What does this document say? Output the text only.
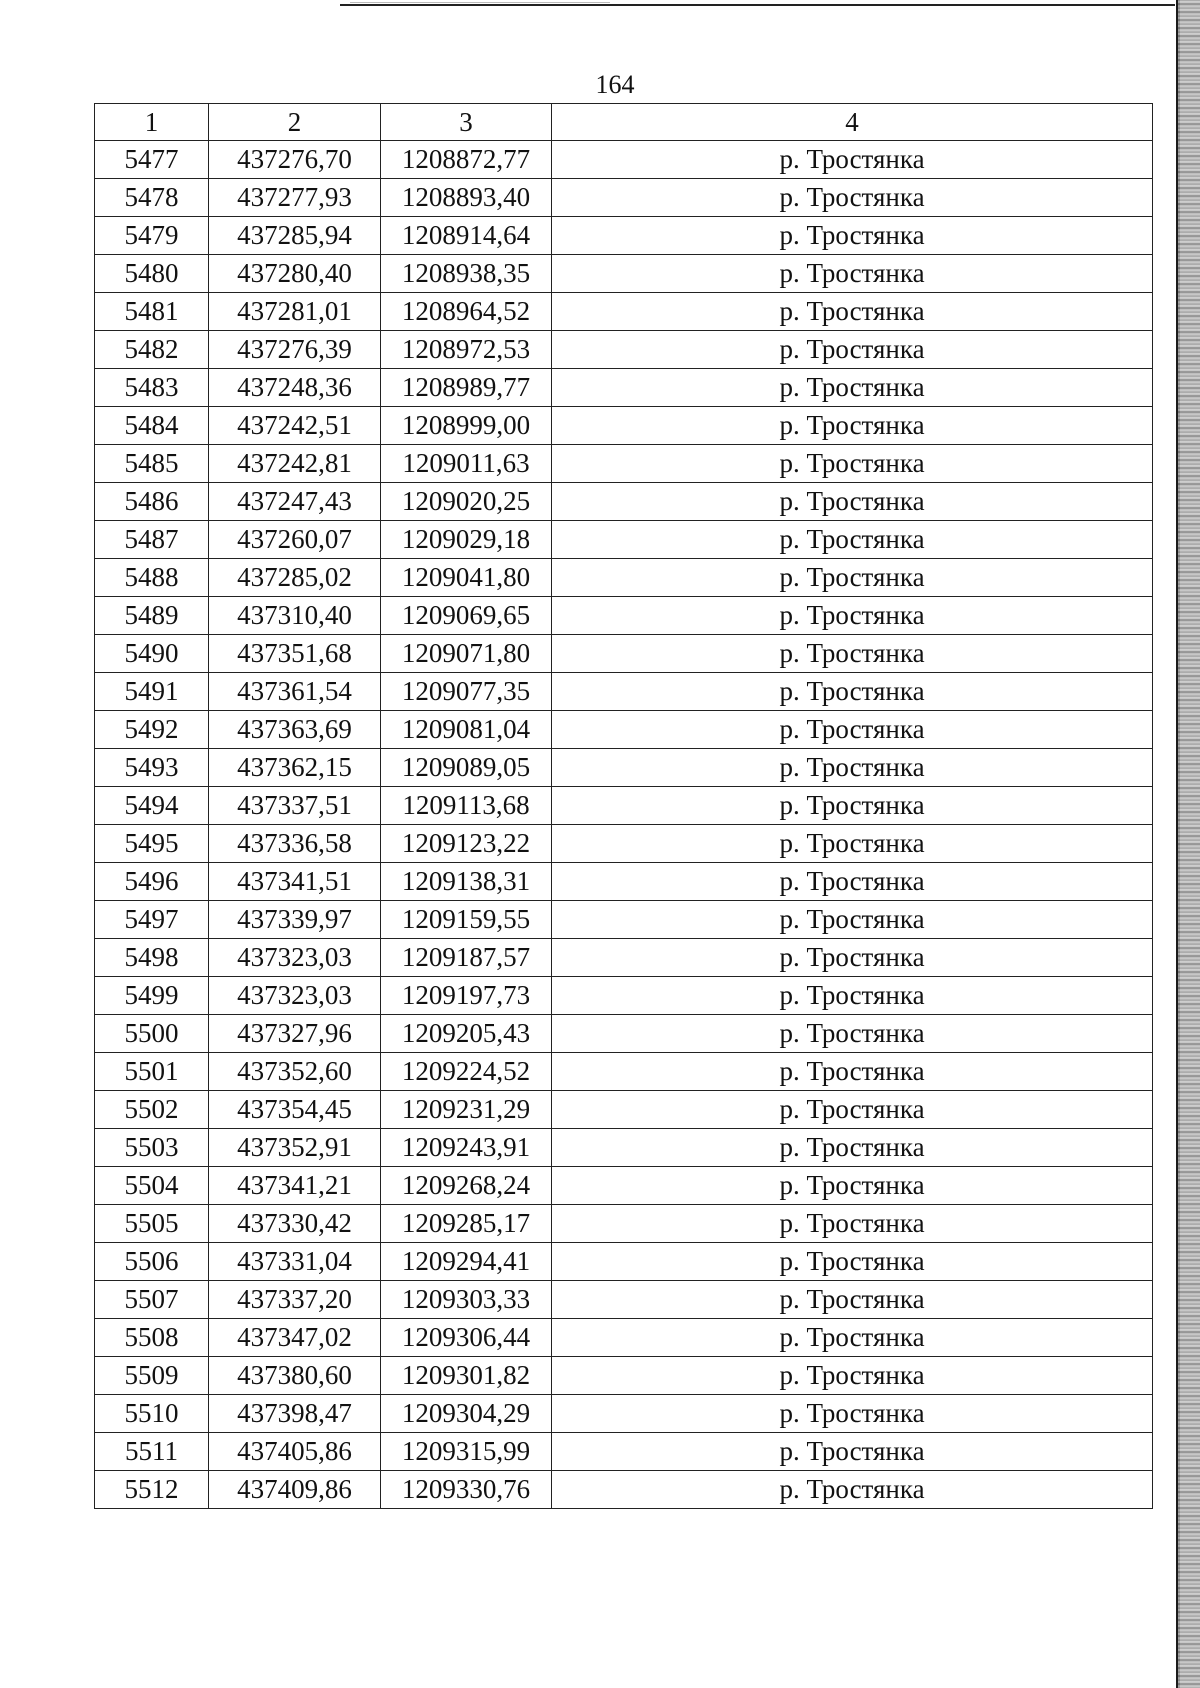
164
1	2	3	4
5477	437276,70	1208872,77	р. Тростянка
5478	437277,93	1208893,40	р. Тростянка
5479	437285,94	1208914,64	р. Тростянка
5480	437280,40	1208938,35	р. Тростянка
5481	437281,01	1208964,52	р. Тростянка
5482	437276,39	1208972,53	р. Тростянка
5483	437248,36	1208989,77	р. Тростянка
5484	437242,51	1208999,00	р. Тростянка
5485	437242,81	1209011,63	р. Тростянка
5486	437247,43	1209020,25	р. Тростянка
5487	437260,07	1209029,18	р. Тростянка
5488	437285,02	1209041,80	р. Тростянка
5489	437310,40	1209069,65	р. Тростянка
5490	437351,68	1209071,80	р. Тростянка
5491	437361,54	1209077,35	р. Тростянка
5492	437363,69	1209081,04	р. Тростянка
5493	437362,15	1209089,05	р. Тростянка
5494	437337,51	1209113,68	р. Тростянка
5495	437336,58	1209123,22	р. Тростянка
5496	437341,51	1209138,31	р. Тростянка
5497	437339,97	1209159,55	р. Тростянка
5498	437323,03	1209187,57	р. Тростянка
5499	437323,03	1209197,73	р. Тростянка
5500	437327,96	1209205,43	р. Тростянка
5501	437352,60	1209224,52	р. Тростянка
5502	437354,45	1209231,29	р. Тростянка
5503	437352,91	1209243,91	р. Тростянка
5504	437341,21	1209268,24	р. Тростянка
5505	437330,42	1209285,17	р. Тростянка
5506	437331,04	1209294,41	р. Тростянка
5507	437337,20	1209303,33	р. Тростянка
5508	437347,02	1209306,44	р. Тростянка
5509	437380,60	1209301,82	р. Тростянка
5510	437398,47	1209304,29	р. Тростянка
5511	437405,86	1209315,99	р. Тростянка
5512	437409,86	1209330,76	р. Тростянка
